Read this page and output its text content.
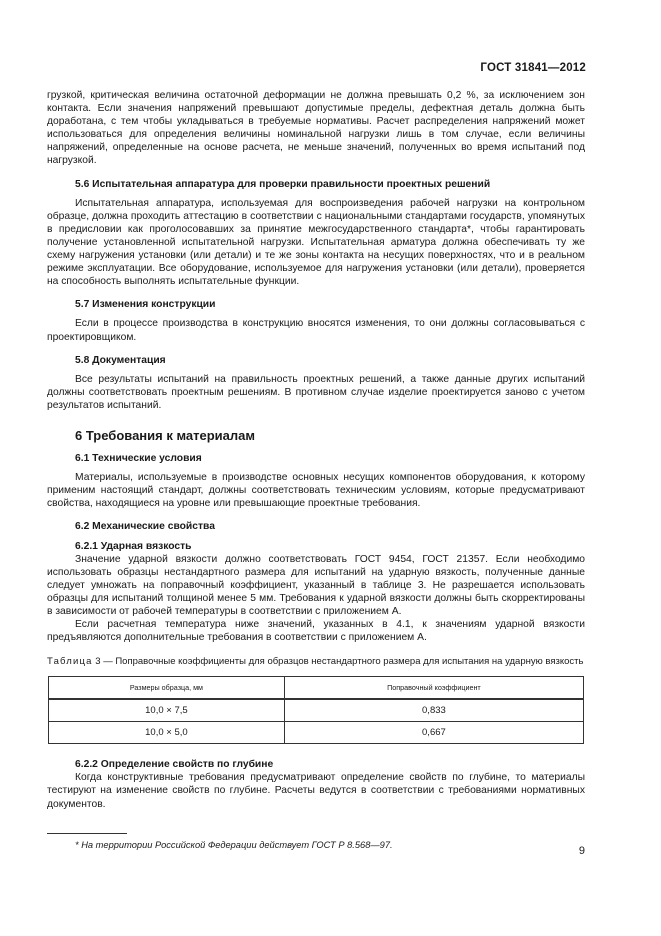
ГОСТ 31841—2012

грузкой, критическая величина остаточной деформации не должна превышать 0,2 %, за исключением зон контакта. Если значения напряжений превышают допустимые пределы, дефектная деталь должна быть доработана, с тем чтобы укладываться в требуемые нормативы. Расчет распределения напряжений может использоваться для определения величины номинальной нагрузки лишь в том случае, если величины напряжений, определенные на основе расчета, не меньше значений, полученных во время испытаний под нагрузкой.

5.6 Испытательная аппаратура для проверки правильности проектных решений

Испытательная аппаратура, используемая для воспроизведения рабочей нагрузки на контрольном образце, должна проходить аттестацию в соответствии с национальными стандартами государств, упомянутых в предисловии как проголосовавших за принятие межгосударственного стандарта*, чтобы гарантировать получение установленной испытательной нагрузки. Испытательная арматура должна обеспечивать ту же схему нагружения установки (или детали) и те же зоны контакта на несущих поверхностях, что и в реальном режиме эксплуатации. Все оборудование, используемое для нагружения установки (или детали), проверяется на способность выполнять испытательные функции.

5.7 Изменения конструкции

Если в процессе производства в конструкцию вносятся изменения, то они должны согласовываться с проектировщиком.

5.8 Документация

Все результаты испытаний на правильность проектных решений, а также данные других испытаний должны соответствовать проектным решениям. В противном случае изделие проектируется заново с учетом результатов испытаний.

6 Требования к материалам
6.1 Технические условия

Материалы, используемые в производстве основных несущих компонентов оборудования, к которому применим настоящий стандарт, должны соответствовать техническим условиям, которые предусматривают свойства, находящиеся на уровне или превышающие проектные требования.

6.2 Механические свойства
6.2.1 Ударная вязкость

Значение ударной вязкости должно соответствовать ГОСТ 9454, ГОСТ 21357. Если необходимо использовать образцы нестандартного размера для испытаний на ударную вязкость, полученные данные следует умножать на поправочный коэффициент, указанный в таблице 3. Не разрешается использовать образцы для испытаний толщиной менее 5 мм. Требования к ударной вязкости должны быть скорректированы в зависимости от рабочей температуры в соответствии с приложением А.

Если расчетная температура ниже значений, указанных в 4.1, к значениям ударной вязкости предъявляются дополнительные требования в соответствии с приложением А.

Таблица 3 — Поправочные коэффициенты для образцов нестандартного размера для испытания на ударную вязкость

Размеры образца, мм	Поправочный коэффициент
10,0 × 7,5	0,833
10,0 × 5,0	0,667
6.2.2 Определение свойств по глубине

Когда конструктивные требования предусматривают определение свойств по глубине, то материалы тестируют на изменение свойств по глубине. Расчеты ведутся в соответствии с требованиями нормативных документов.

* На территории Российской Федерации действует ГОСТ Р 8.568—97.

9
